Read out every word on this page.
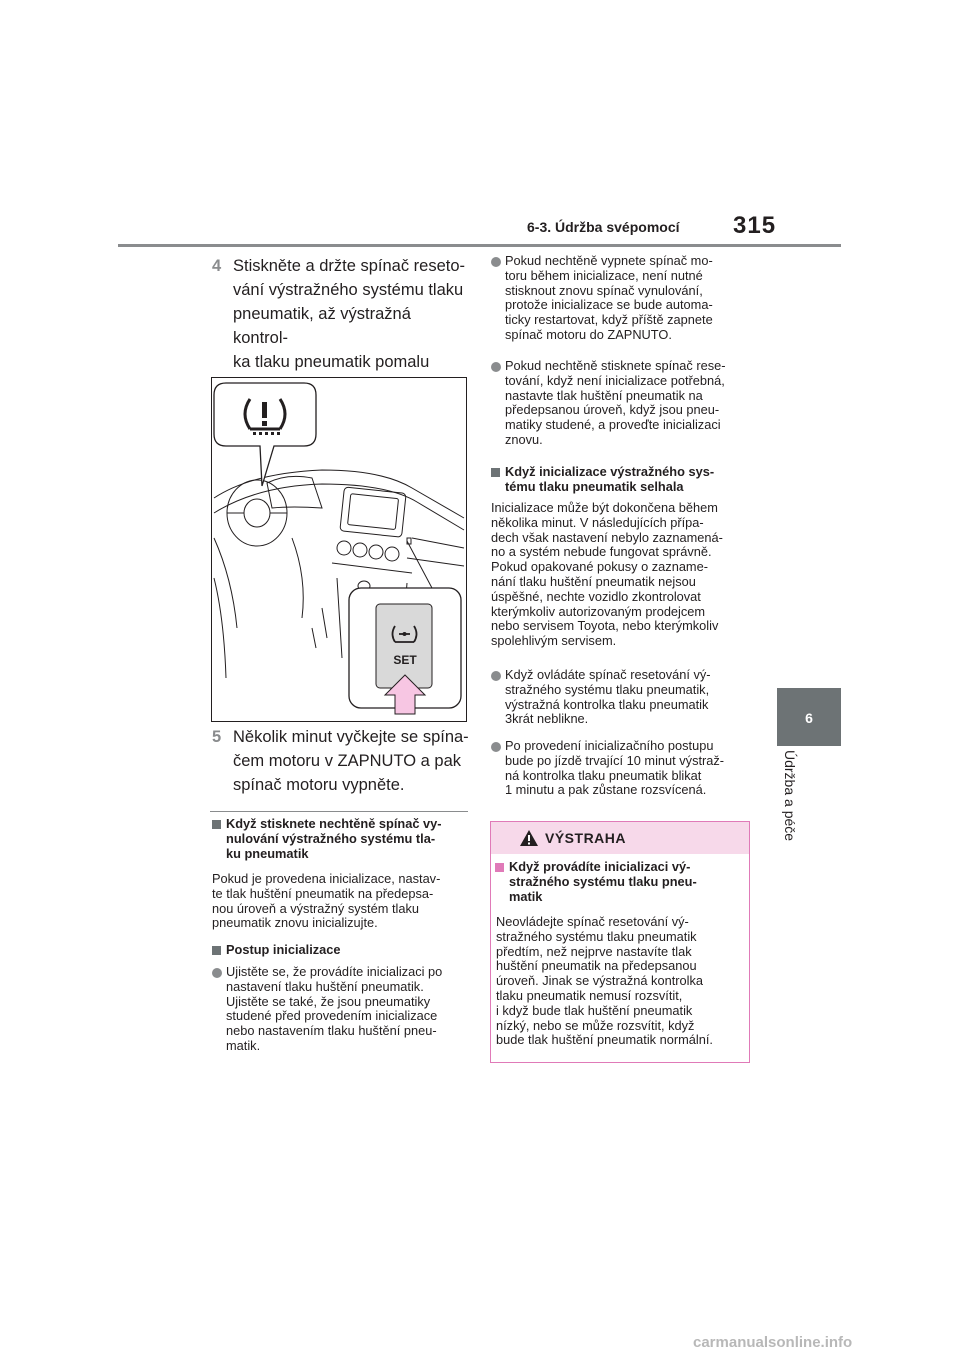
6-3. Údržba svépomocí 315
6
Údržba a péče
4 Stiskněte a držte spínač reseto-
vání výstražného systému tlaku
pneumatik, až výstražná kontrol-
ka tlaku pneumatik pomalu

SET
5 Několik minut vyčkejte se spína-
čem motoru v ZAPNUTO a pak
spínač motoru vypněte.
Když stisknete nechtěně spínač vy-
nulování výstražného systému tla-
ku pneumatik
Pokud je provedena inicializace, nastav-
te tlak huštění pneumatik na předepsa-
nou úroveň a výstražný systém tlaku
pneumatik znovu inicializujte.
Postup inicializace
Ujistěte se, že provádíte inicializaci po
nastavení tlaku huštění pneumatik.
Ujistěte se také, že jsou pneumatiky
studené před provedením inicializace
nebo nastavením tlaku huštění pneu-
matik.
Pokud nechtěně vypnete spínač mo-
toru během inicializace, není nutné
stisknout znovu spínač vynulování,
protože inicializace se bude automa-
ticky restartovat, když příště zapnete
spínač motoru do ZAPNUTO.
Pokud nechtěně stisknete spínač rese-
tování, když není inicializace potřebná,
nastavte tlak huštění pneumatik na
předepsanou úroveň, když jsou pneu-
matiky studené, a proveďte inicializaci
znovu.
Když inicializace výstražného sys-
tému tlaku pneumatik selhala
Inicializace může být dokončena během
několika minut. V následujících přípa-
dech však nastavení nebylo zaznamená-
no a systém nebude fungovat správně.
Pokud opakované pokusy o zazname-
nání tlaku huštění pneumatik nejsou
úspěšné, nechte vozidlo zkontrolovat
kterýmkoliv autorizovaným prodejcem
nebo servisem Toyota, nebo kterýmkoliv
spolehlivým servisem.
Když ovládáte spínač resetování vý-
stražného systému tlaku pneumatik,
výstražná kontrolka tlaku pneumatik
3krát neblikne.
Po provedení inicializačního postupu
bude po jízdě trvající 10 minut výstraž-
ná kontrolka tlaku pneumatik blikat
1 minutu a pak zůstane rozsvícená.
VÝSTRAHA
Když provádíte inicializaci vý-
stražného systému tlaku pneu-
matik
Neovládejte spínač resetování vý-
stražného systému tlaku pneumatik
předtím, než nejprve nastavíte tlak
huštění pneumatik na předepsanou
úroveň. Jinak se výstražná kontrolka
tlaku pneumatik nemusí rozsvítit,
i když bude tlak huštění pneumatik
nízký, nebo se může rozsvítit, když
bude tlak huštění pneumatik normální.
carmanualsonline.info
